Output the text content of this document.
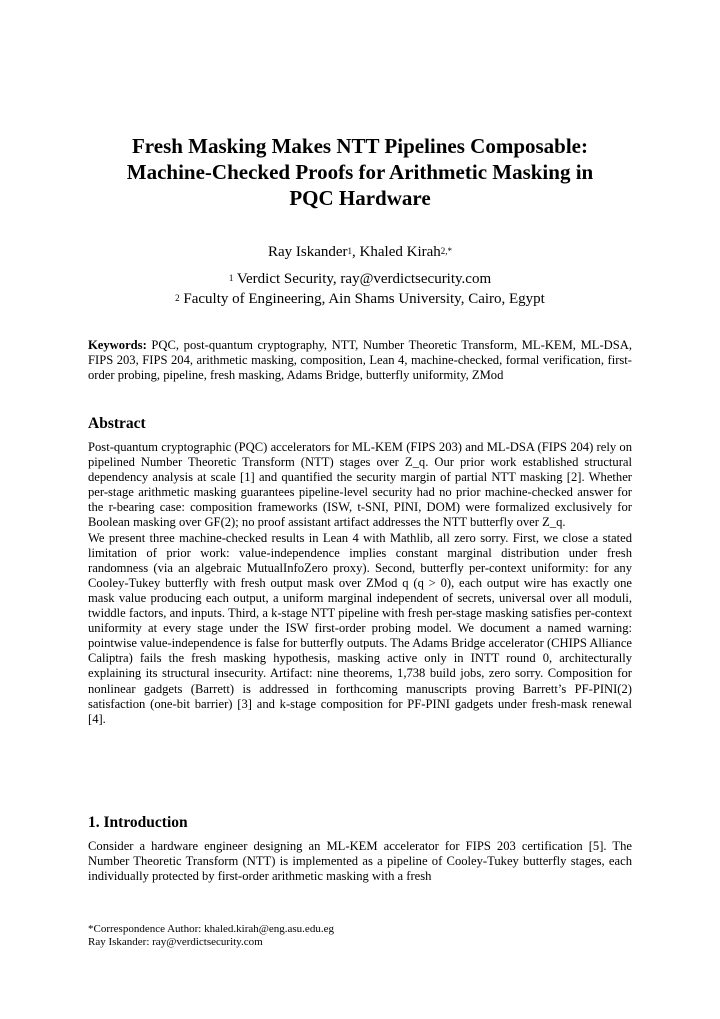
Fresh Masking Makes NTT Pipelines Composable:
Machine-Checked Proofs for Arithmetic Masking in
PQC Hardware
Ray Iskander$^1$, Khaled Kirah$^{2,*}$
$^1$ Verdict Security, ray@verdictsecurity.com
$^2$ Faculty of Engineering, Ain Shams University, Cairo, Egypt

Keywords: PQC, post-quantum cryptography, NTT, Number Theoretic Transform, ML-KEM, ML-DSA, FIPS 203, FIPS 204, arithmetic masking, composition, Lean 4, machine-checked, formal verification, first-order probing, pipeline, fresh masking, Adams Bridge, butterfly uniformity, ZMod

Abstract

Post-quantum cryptographic (PQC) accelerators for ML-KEM (FIPS 203) and ML-DSA (FIPS 204) rely on pipelined Number Theoretic Transform (NTT) stages over Z_q. Our prior work established structural dependency analysis at scale [1] and quantified the security margin of partial NTT masking [2]. Whether per-stage arithmetic masking guarantees pipeline-level security had no prior machine-checked answer for the r-bearing case: composition frameworks (ISW, t-SNI, PINI, DOM) were formalized exclusively for Boolean masking over GF(2); no proof assistant artifact addresses the NTT butterfly over Z_q.

We present three machine-checked results in Lean 4 with Mathlib, all zero sorry. First, we close a stated limitation of prior work: value-independence implies constant marginal distribution under fresh randomness (via an algebraic MutualInfoZero proxy). Second, butterfly per-context uniformity: for any Cooley-Tukey butterfly with fresh output mask over ZMod q (q > 0), each output wire has exactly one mask value producing each output, a uniform marginal independent of secrets, universal over all moduli, twiddle factors, and inputs. Third, a k-stage NTT pipeline with fresh per-stage masking satisfies per-context uniformity at every stage under the ISW first-order probing model. We document a named warning: pointwise value-independence is false for butterfly outputs. The Adams Bridge accelerator (CHIPS Alliance Caliptra) fails the fresh masking hypothesis, masking active only in INTT round 0, architecturally explaining its structural insecurity. Artifact: nine theorems, 1,738 build jobs, zero sorry. Composition for nonlinear gadgets (Barrett) is addressed in forthcoming manuscripts proving Barrett’s PF-PINI(2) satisfaction (one-bit barrier) [3] and k-stage composition for PF-PINI gadgets under fresh-mask renewal [4].

1. Introduction

Consider a hardware engineer designing an ML-KEM accelerator for FIPS 203 certification [5]. The Number Theoretic Transform (NTT) is implemented as a pipeline of Cooley-Tukey butterfly stages, each individually protected by first-order arithmetic masking with a fresh

*Correspondence Author: khaled.kirah@eng.asu.edu.eg
Ray Iskander: ray@verdictsecurity.com
